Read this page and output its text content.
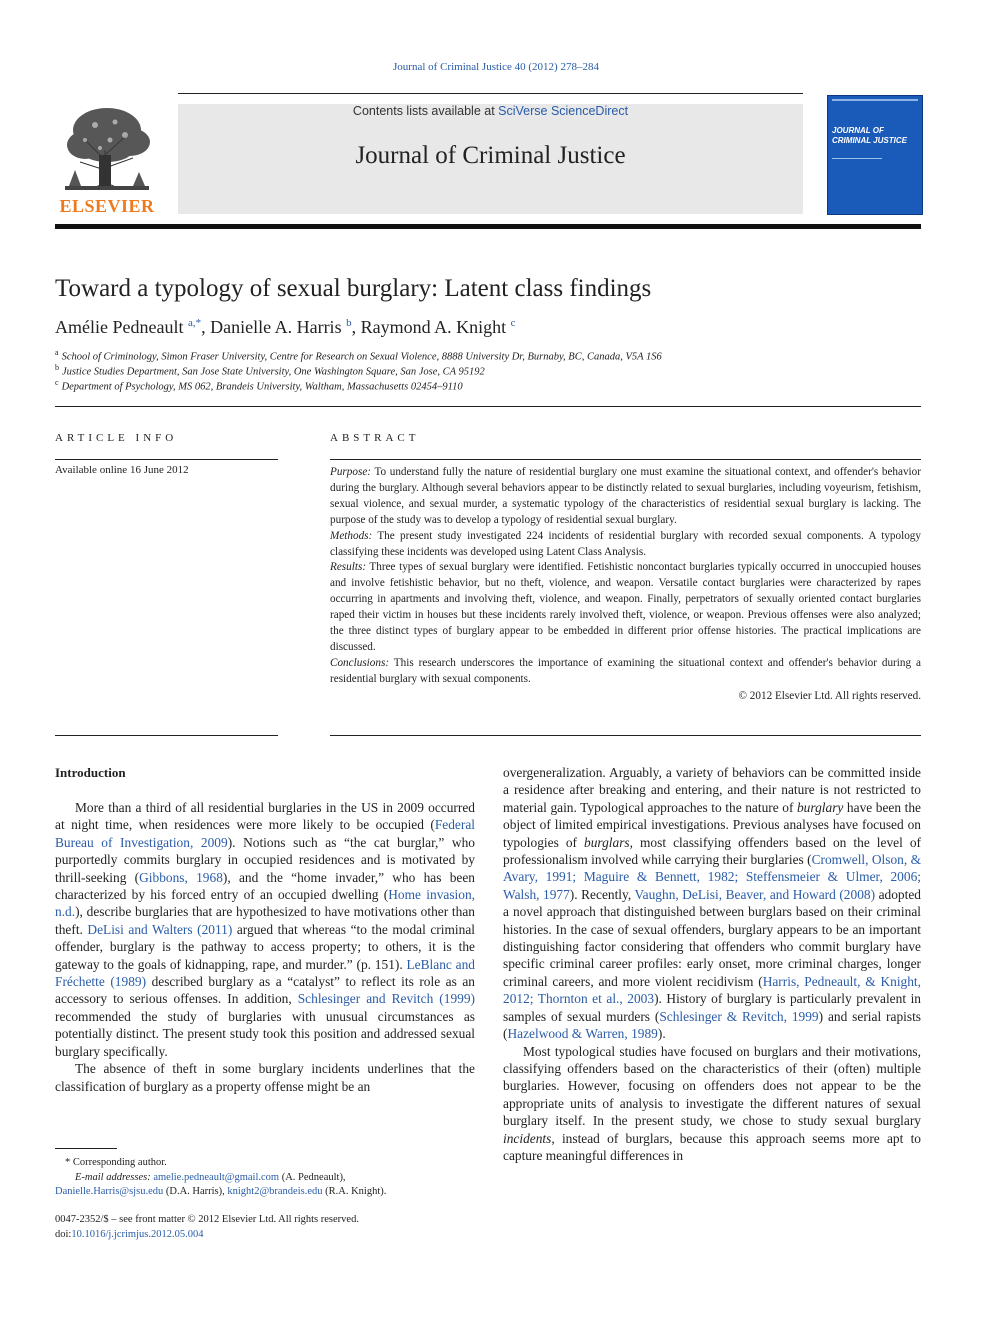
Journal of Criminal Justice 40 (2012) 278–284
ELSEVIER
Contents lists available at SciVerse ScienceDirect
Journal of Criminal Justice
JOURNAL OF CRIMINAL JUSTICE
Toward a typology of sexual burglary: Latent class findings
Amélie Pedneault $^{a,*}$, Danielle A. Harris $^b$, Raymond A. Knight $^c$
$^a$ School of Criminology, Simon Fraser University, Centre for Research on Sexual Violence, 8888 University Dr, Burnaby, BC, Canada, V5A 1S6
$^b$ Justice Studies Department, San Jose State University, One Washington Square, San Jose, CA 95192
$^c$ Department of Psychology, MS 062, Brandeis University, Waltham, Massachusetts 02454–9110
ARTICLE INFO	ABSTRACT
Available online 16 June 2012	Purpose: To understand fully the nature of residential burglary one must examine the situational context, and offender's behavior during the burglary. Although several behaviors appear to be distinctly related to sexual burglaries, including voyeurism, fetishism, sexual violence, and sexual murder, a systematic typology of the characteristics of residential sexual burglary is lacking. The purpose of the study was to develop a typology of residential sexual burglary.

Methods: The present study investigated 224 incidents of residential burglary with recorded sexual components. A typology classifying these incidents was developed using Latent Class Analysis.

Results: Three types of sexual burglary were identified. Fetishistic noncontact burglaries typically occurred in unoccupied houses and involve fetishistic behavior, but no theft, violence, and weapon. Versatile contact burglaries were characterized by rapes occurring in apartments and involving theft, violence, and weapon. Finally, perpetrators of sexually oriented contact burglaries raped their victim in houses but these incidents rarely involved theft, violence, or weapon. Previous offenses were also analyzed; the three distinct types of burglary appear to be embedded in different prior offense histories. The practical implications are discussed.

Conclusions: This research underscores the importance of examining the situational context and offender's behavior during a residential burglary with sexual components.

© 2012 Elsevier Ltd. All rights reserved.

Introduction

More than a third of all residential burglaries in the US in 2009 occurred at night time, when residences were more likely to be occupied (Federal Bureau of Investigation, 2009). Notions such as “the cat burglar,” who purportedly commits burglary in occupied residences and is motivated by thrill-seeking (Gibbons, 1968), and the “home invader,” who has been characterized by his forced entry of an occupied dwelling (Home invasion, n.d.), describe burglaries that are hypothesized to have motivations other than theft. DeLisi and Walters (2011) argued that whereas “to the modal criminal offender, burglary is the pathway to access property; to others, it is the gateway to the goals of kidnapping, rape, and murder.” (p. 151). LeBlanc and Fréchette (1989) described burglary as a “catalyst” to reflect its role as an accessory to serious offenses. In addition, Schlesinger and Revitch (1999) recommended the study of burglaries with unusual circumstances as potentially distinct. The present study took this position and addressed sexual burglary specifically.

The absence of theft in some burglary incidents underlines that the classification of burglary as a property offense might be an

overgeneralization. Arguably, a variety of behaviors can be committed inside a residence after breaking and entering, and their nature is not restricted to material gain. Typological approaches to the nature of burglary have been the object of limited empirical investigations. Previous analyses have focused on typologies of burglars, most classifying offenders based on the level of professionalism involved while carrying their burglaries (Cromwell, Olson, & Avary, 1991; Maguire & Bennett, 1982; Steffensmeier & Ulmer, 2006; Walsh, 1977). Recently, Vaughn, DeLisi, Beaver, and Howard (2008) adopted a novel approach that distinguished between burglars based on their criminal histories. In the case of sexual offenders, burglary appears to be an important distinguishing factor considering that offenders who commit burglary have specific criminal career profiles: early onset, more criminal charges, longer criminal careers, and more violent recidivism (Harris, Pedneault, & Knight, 2012; Thornton et al., 2003). History of burglary is particularly prevalent in samples of sexual murders (Schlesinger & Revitch, 1999) and serial rapists (Hazelwood & Warren, 1989).

Most typological studies have focused on burglars and their motivations, classifying offenders based on the characteristics of their (often) multiple burglaries. However, focusing on offenders does not appear to be the appropriate units of analysis to investigate the different natures of sexual burglary itself. In the present study, we chose to study sexual burglary incidents, instead of burglars, because this approach seems more apt to capture meaningful differences in

* Corresponding author.
E-mail addresses: amelie.pedneault@gmail.com (A. Pedneault),
Danielle.Harris@sjsu.edu (D.A. Harris), knight2@brandeis.edu (R.A. Knight).
0047-2352/$ – see front matter © 2012 Elsevier Ltd. All rights reserved.
doi:10.1016/j.jcrimjus.2012.05.004
